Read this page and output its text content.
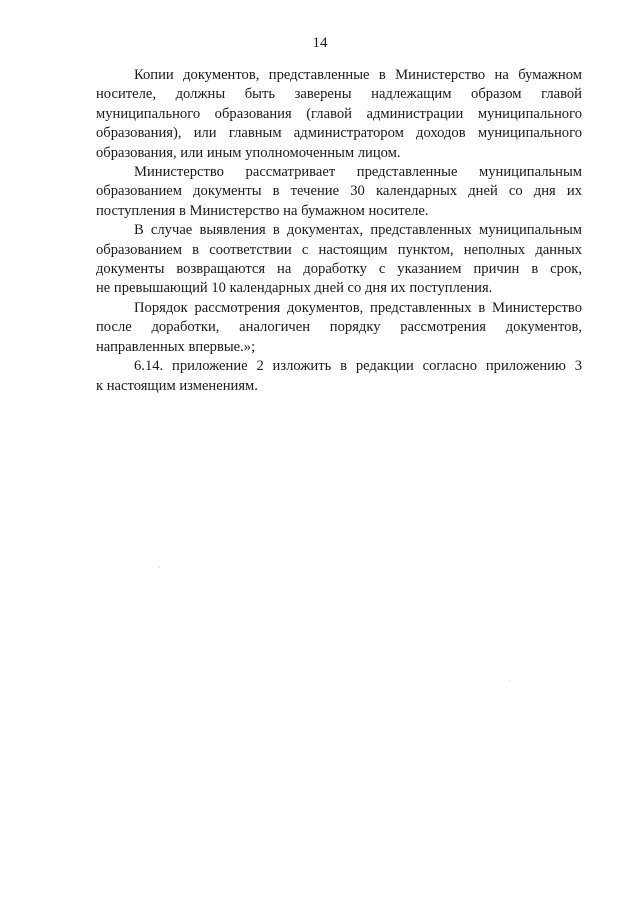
14

Копии документов, представленные в Министерство на бумажном
носителе, должны быть заверены надлежащим образом главой
муниципального образования (главой администрации муниципального
образования), или главным администратором доходов муниципального
образования, или иным уполномоченным лицом.

Министерство рассматривает представленные муниципальным
образованием документы в течение 30 календарных дней со дня их
поступления в Министерство на бумажном носителе.

В случае выявления в документах, представленных муниципальным
образованием в соответствии с настоящим пунктом, неполных данных
документы возвращаются на доработку с указанием причин в срок,
не превышающий 10 календарных дней со дня их поступления.

Порядок рассмотрения документов, представленных в Министерство
после доработки, аналогичен порядку рассмотрения документов,
направленных впервые.»;

6.14. приложение 2 изложить в редакции согласно приложению 3
к настоящим изменениям.
